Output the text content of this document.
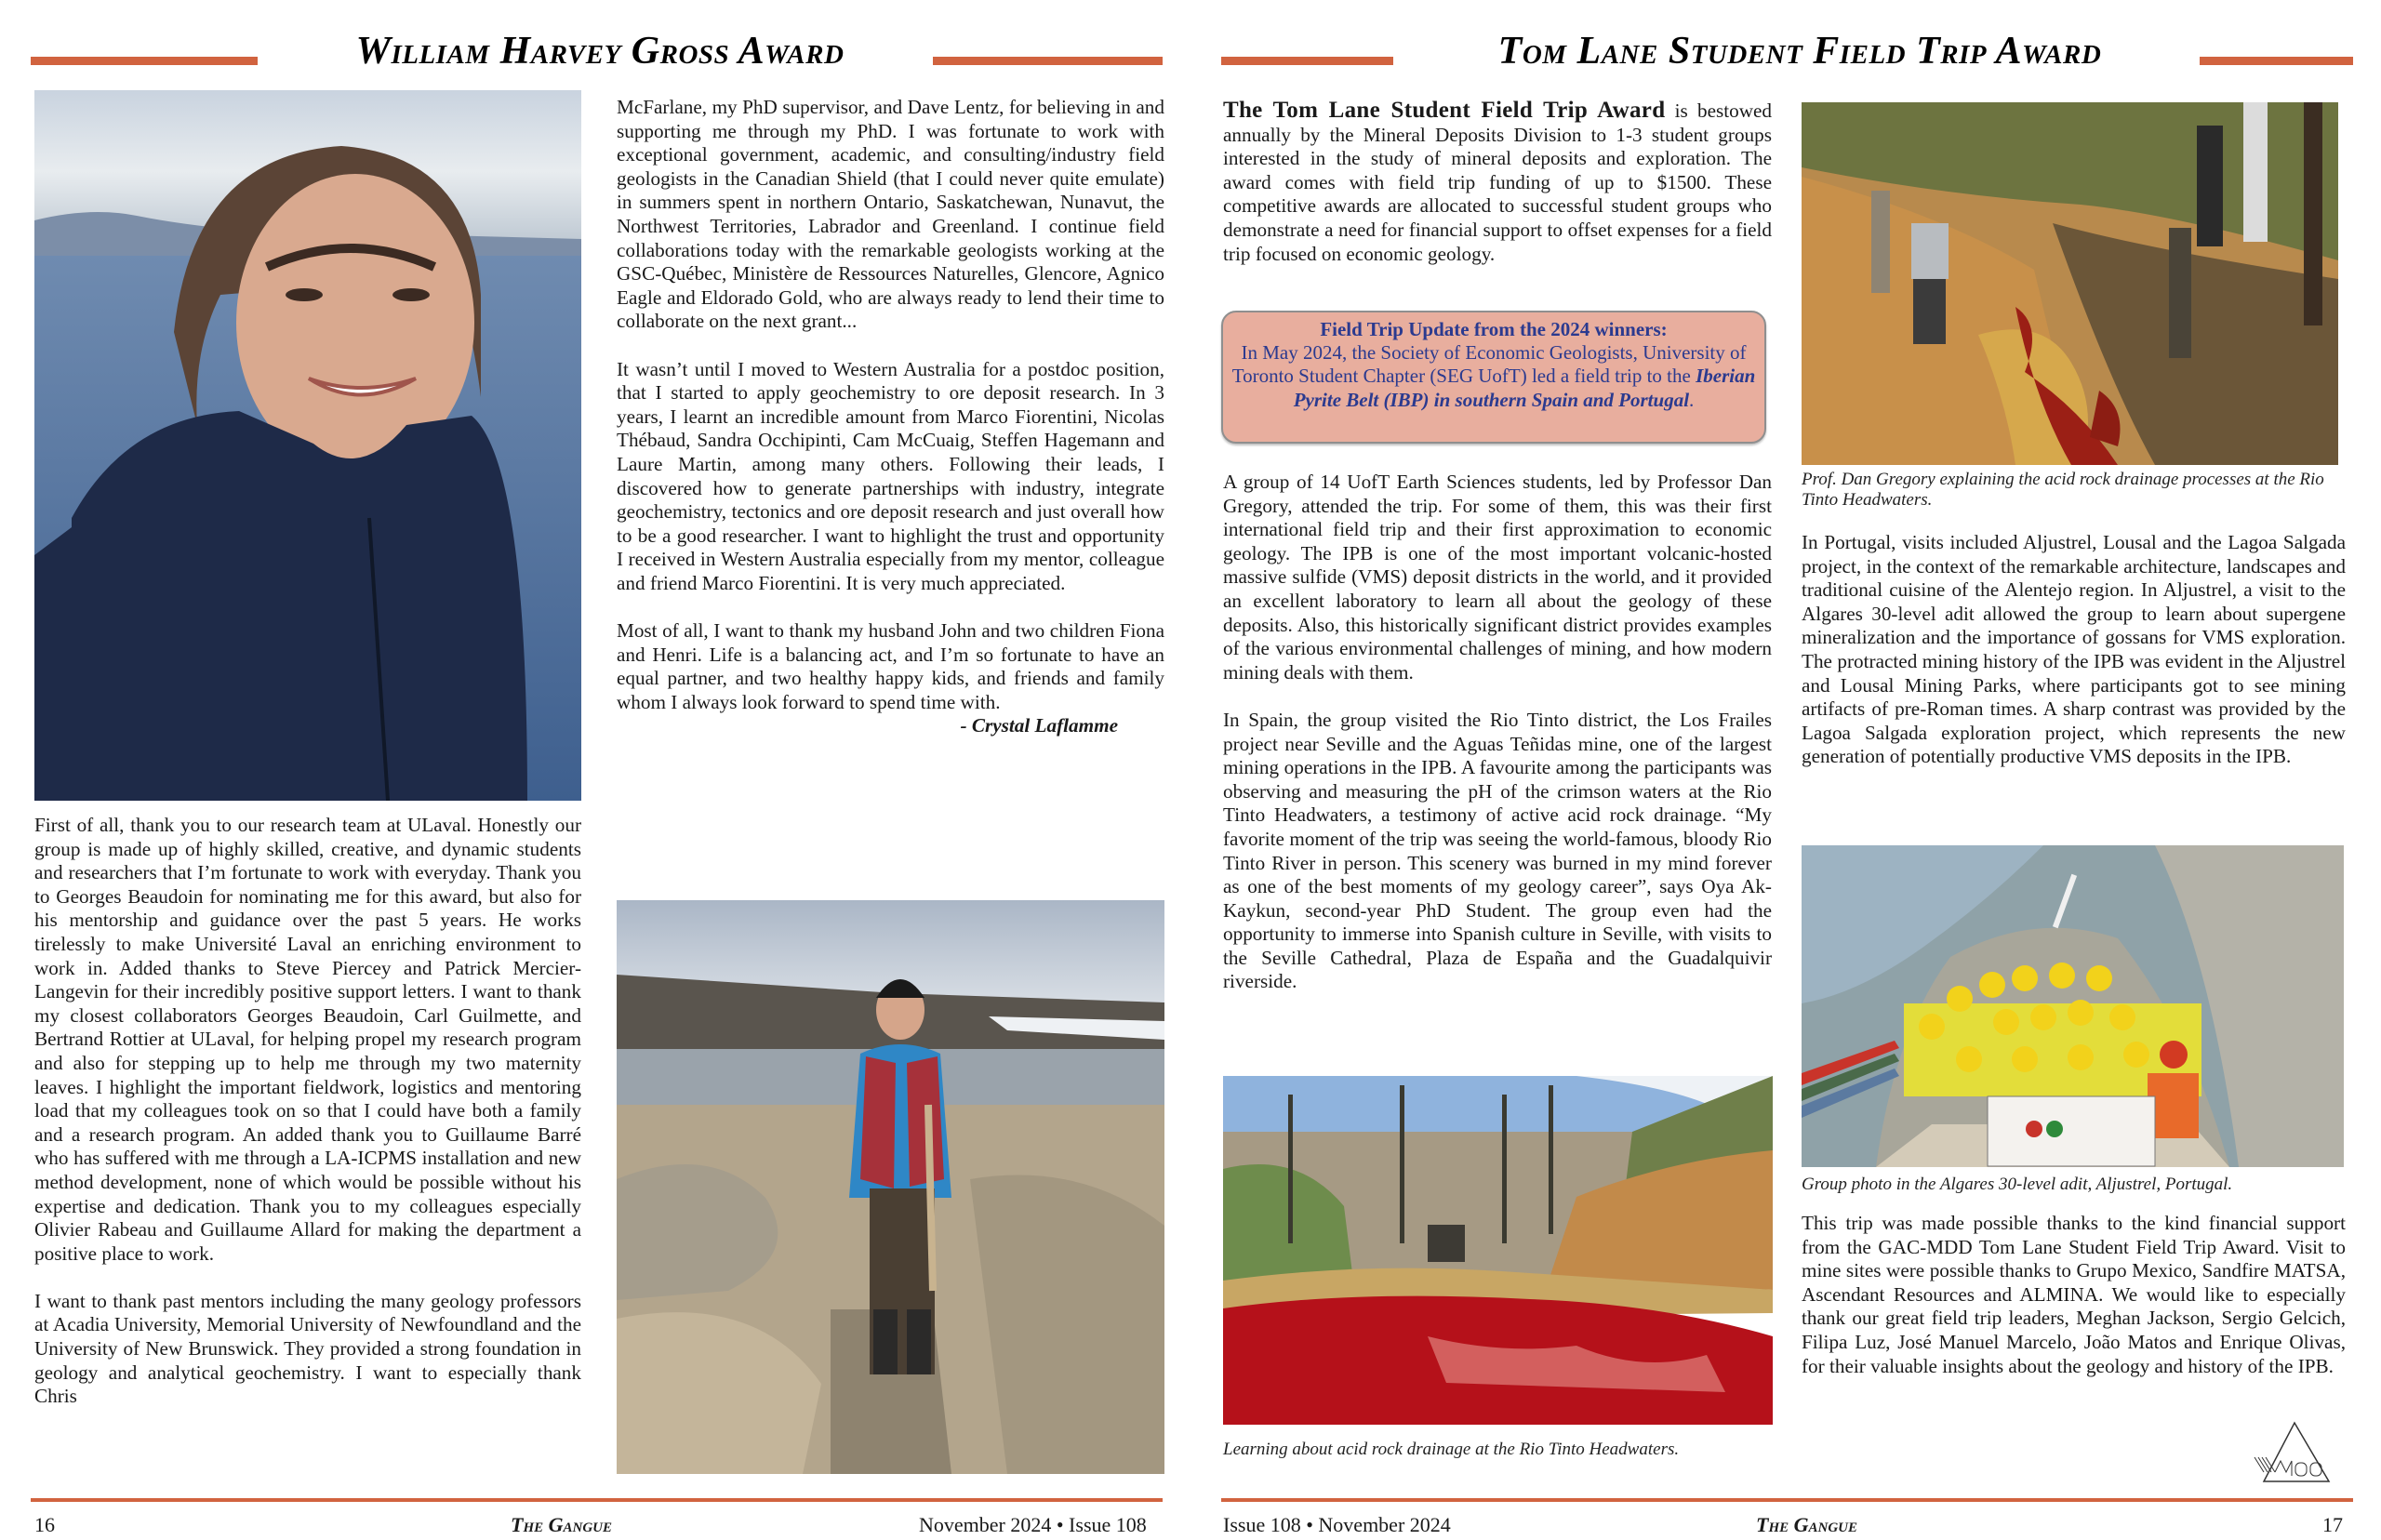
William Harvey Gross Award

First of all, thank you to our research team at ULaval. Honestly our group is made up of highly skilled, creative, and dynamic students and researchers that I’m fortunate to work with everyday. Thank you to Georges Beaudoin for nominating me for this award, but also for his mentorship and guidance over the past 5 years. He works tirelessly to make Université Laval an enriching environment to work in. Added thanks to Steve Piercey and Patrick Mercier-Langevin for their incredibly positive support letters. I want to thank my closest collaborators Georges Beaudoin, Carl Guilmette, and Bertrand Rottier at ULaval, for helping propel my research program and also for stepping up to help me through my two maternity leaves. I highlight the important fieldwork, logistics and mentoring load that my colleagues took on so that I could have both a family and a research program. An added thank you to Guillaume Barré who has suffered with me through a LA-ICPMS installation and new method development, none of which would be possible without his expertise and dedication. Thank you to my colleagues especially Olivier Rabeau and Guillaume Allard for making the department a positive place to work.

I want to thank past mentors including the many geology professors at Acadia University, Memorial University of Newfoundland and the University of New Brunswick. They provided a strong foundation in geology and analytical geochemistry. I want to especially thank Chris

McFarlane, my PhD supervisor, and Dave Lentz, for believing in and supporting me through my PhD. I was fortunate to work with exceptional government, academic, and consulting/industry field geologists in the Canadian Shield (that I could never quite emulate) in summers spent in northern Ontario, Saskatchewan, Nunavut, the Northwest Territories, Labrador and Greenland. I continue field collaborations today with the remarkable geologists working at the GSC-Québec, Ministère de Ressources Naturelles, Glencore, Agnico Eagle and Eldorado Gold, who are always ready to lend their time to collaborate on the next grant...

It wasn’t until I moved to Western Australia for a postdoc position, that I started to apply geochemistry to ore deposit research. In 3 years, I learnt an incredible amount from Marco Fiorentini, Nicolas Thébaud, Sandra Occhipinti, Cam McCuaig, Steffen Hagemann and Laure Martin, among many others. Following their leads, I discovered how to generate partnerships with industry, integrate geochemistry, tectonics and ore deposit research and just overall how to be a good researcher. I want to highlight the trust and opportunity I received in Western Australia especially from my mentor, colleague and friend Marco Fiorentini. It is very much appreciated.

Most of all, I want to thank my husband John and two children Fiona and Henri. Life is a balancing act, and I’m so fortunate to have an equal partner, and two healthy happy kids, and friends and family whom I always look forward to spend time with.

- Crystal Laflamme

16	The Gangue	November 2024 • Issue 108
Tom Lane Student Field Trip Award

The Tom Lane Student Field Trip Award is bestowed annually by the Mineral Deposits Division to 1-3 student groups interested in the study of mineral deposits and exploration. The award comes with field trip funding of up to $1500. These competitive awards are allocated to successful student groups who demonstrate a need for financial support to offset expenses for a field trip focused on economic geology.

Field Trip Update from the 2024 winners:
In May 2024, the Society of Economic Geologists, University of Toronto Student Chapter (SEG UofT) led a field trip to the Iberian Pyrite Belt (IBP) in southern Spain and Portugal.

A group of 14 UofT Earth Sciences students, led by Professor Dan Gregory, attended the trip. For some of them, this was their first international field trip and their first approximation to economic geology. The IPB is one of the most important volcanic-hosted massive sulfide (VMS) deposit districts in the world, and it provided an excellent laboratory to learn all about the geology of these deposits. Also, this historically significant district provides examples of the various environmental challenges of mining, and how modern mining deals with them.

In Spain, the group visited the Rio Tinto district, the Los Frailes project near Seville and the Aguas Teñidas mine, one of the largest mining operations in the IPB. A favourite among the participants was observing and measuring the pH of the crimson waters at the Rio Tinto Headwaters, a testimony of active acid rock drainage. “My favorite moment of the trip was seeing the world-famous, bloody Rio Tinto River in person. This scenery was burned in my mind forever as one of the best moments of my geology career”, says Oya Ak-Kaykun, second-year PhD Student. The group even had the opportunity to immerse into Spanish culture in Seville, with visits to the Seville Cathedral, Plaza de España and the Guadalquivir riverside.

Learning about acid rock drainage at the Rio Tinto Headwaters.
Prof. Dan Gregory explaining the acid rock drainage processes at the Rio Tinto Headwaters.

In Portugal, visits included Aljustrel, Lousal and the Lagoa Salgada project, in the context of the remarkable architecture, landscapes and traditional cuisine of the Alentejo region. In Aljustrel, a visit to the Algares 30-level adit allowed the group to learn about supergene mineralization and the importance of gossans for VMS exploration. The protracted mining history of the IPB was evident in the Aljustrel and Lousal Mining Parks, where participants got to see mining artifacts of pre-Roman times. A sharp contrast was provided by the Lagoa Salgada exploration project, which represents the new generation of potentially productive VMS deposits in the IPB.

Group photo in the Algares 30-level adit, Aljustrel, Portugal.

This trip was made possible thanks to the kind financial support from the GAC-MDD Tom Lane Student Field Trip Award. Visit to mine sites were possible thanks to Grupo Mexico, Sandfire MATSA, Ascendant Resources and ALMINA. We would like to especially thank our great field trip leaders, Meghan Jackson, Sergio Gelcich, Filipa Luz, José Manuel Marcelo, João Matos and Enrique Olivas, for their valuable insights about the geology and history of the IPB.

Issue 108 • November 2024	The Gangue	17
